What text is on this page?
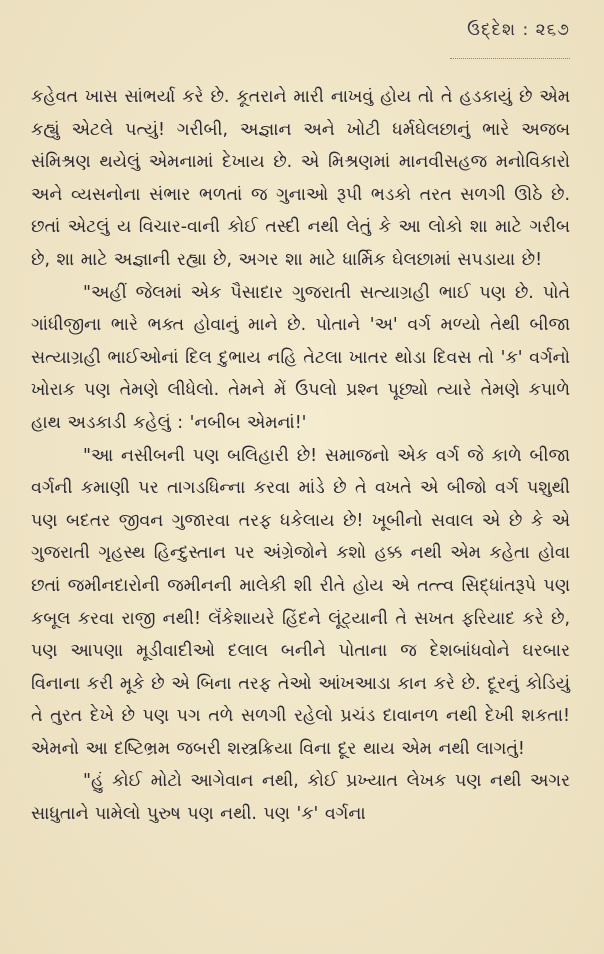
ઉદ્દેશ : ૨૬૭

કહેવત ખાસ સાંભર્યા કરે છે. કૂતરાને મારી નાખવું હોય તો તે હડકાયું છે એમ કહ્યું એટલે પત્યું! ગરીબી, અજ્ઞાન અને ખોટી ધર્મઘેલછાનું ભારે અજબ સંમિશ્રણ થયેલું એમનામાં દેખાય છે. એ મિશ્રણમાં માનવીસહજ મનોવિકારો અને વ્યસનોના સંભાર ભળતાં જ ગુનાઓ રૂપી ભડકો તરત સળગી ઊઠે છે. છતાં એટલું ય વિચાર-વાની કોઈ તસ્દી નથી લેતું કે આ લોકો શા માટે ગરીબ છે, શા માટે અજ્ઞાની રહ્યા છે, અગર શા માટે ધાર્મિક ઘેલછામાં સપડાયા છે!

"અહીં જેલમાં એક પૈસાદાર ગુજરાતી સત્યાગ્રહી ભાઈ પણ છે. પોતે ગાંધીજીના ભારે ભક્ત હોવાનું માને છે. પોતાને 'અ' વર્ગ મળ્યો તેથી બીજા સત્યાગ્રહી ભાઈઓનાં દિલ દુભાય નહિ તેટલા ખાતર થોડા દિવસ તો 'ક' વર્ગનો ખોરાક પણ તેમણે લીધેલો. તેમને મેં ઉપલો પ્રશ્ન પૂછ્યો ત્યારે તેમણે કપાળે હાથ અડકાડી કહેલું : 'નબીબ એમનાં!'

"આ નસીબની પણ બલિહારી છે! સમાજનો એક વર્ગ જે કાળે બીજા વર્ગની કમાણી પર તાગડધિન્ના કરવા માંડે છે તે વખતે એ બીજો વર્ગ પશુથી પણ બદતર જીવન ગુજારવા તરફ ધકેલાય છે! ખૂબીનો સવાલ એ છે કે એ ગુજરાતી ગૃહસ્થ હિન્દુસ્તાન પર અંગ્રેજોને કશો હક્ક નથી એમ કહેતા હોવા છતાં જમીનદારોની જમીનની માલેકી શી રીતે હોય એ તત્ત્વ સિદ્ધાંતરૂપે પણ કબૂલ કરવા રાજી નથી! લૅંકેશાયરે હિંદને લૂંટ્યાની તે સખત ફરિયાદ કરે છે, પણ આપણા મૂડીવાદીઓ દલાલ બનીને પોતાના જ દેશબાંધવોને ઘરબાર વિનાના કરી મૂકે છે એ બિના તરફ તેઓ આંખઆડા કાન કરે છે. દૂરનું કોડિયું તે તુરત દેખે છે પણ પગ તળે સળગી રહેલો પ્રચંડ દાવાનળ નથી દેખી શકતા! એમનો આ દષ્ટિભ્રમ જબરી શસ્ત્રક્રિયા વિના દૂર થાય એમ નથી લાગતું!

"હું કોઈ મોટો આગેવાન નથી, કોઈ પ્રખ્યાત લેખક પણ નથી અગર સાધુતાને પામેલો પુરુષ પણ નથી. પણ 'ક' વર્ગના
